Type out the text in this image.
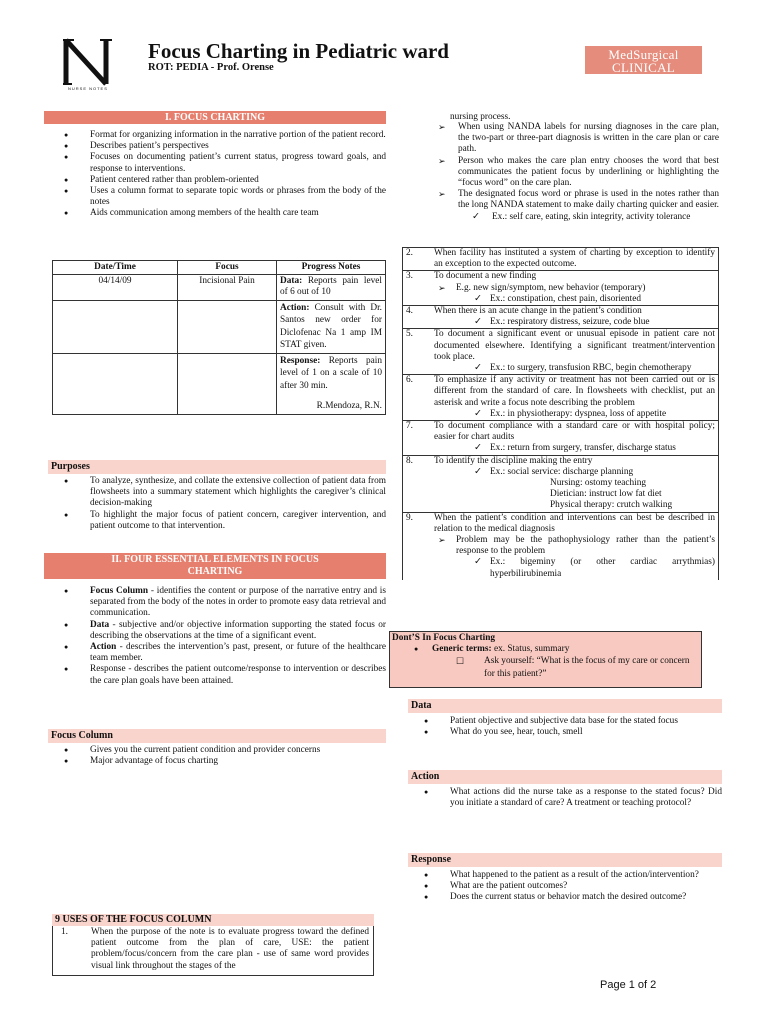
NURSE NOTES
Focus Charting in Pediatric ward
ROT: PEDIA - Prof. Orense
MedSurgical
CLINICAL
I. FOCUS CHARTING
● Format for organizing information in the narrative portion of the patient record.
● Describes patient’s perspectives
● Focuses on documenting patient’s current status, progress toward goals, and response to interventions.
● Patient centered rather than problem-oriented
● Uses a column format to separate topic words or phrases from the body of the notes
● Aids communication among members of the health care team
Date/Time	Focus	Progress Notes
04/14/09	Incisional Pain	Data: Reports pain level of 6 out of 10
		Action: Consult with Dr. Santos new order for Diclofenac Na 1 amp IM STAT given.
		Response: Reports pain level of 1 on a scale of 10 after 30 min.
R.Mendoza, R.N.
Purposes
● To analyze, synthesize, and collate the extensive collection of patient data from flowsheets into a summary statement which highlights the caregiver’s clinical decision-making
● To highlight the major focus of patient concern, caregiver intervention, and patient outcome to that intervention.
II. FOUR ESSENTIAL ELEMENTS IN FOCUS
CHARTING
● Focus Column - identifies the content or purpose of the narrative entry and is separated from the body of the notes in order to promote easy data retrieval and communication.
● Data - subjective and/or objective information supporting the stated focus or describing the observations at the time of a significant event.
● Action - describes the intervention’s past, present, or future of the healthcare team member.
● Response - describes the patient outcome/response to intervention or describes the care plan goals have been attained.
Focus Column
● Gives you the current patient condition and provider concerns
● Major advantage of focus charting
9 USES OF THE FOCUS COLUMN
1. When the purpose of the note is to evaluate progress toward the defined patient outcome from the plan of care, USE: the patient problem/focus/concern from the care plan - use of same word provides visual link throughout the stages of the
nursing process.
➢ When using NANDA labels for nursing diagnoses in the care plan, the two-part or three-part diagnosis is written in the care plan or care path.
➢ Person who makes the care plan entry chooses the word that best communicates the patient focus by underlining or highlighting the “focus word” on the care plan.
➢ The designated focus word or phrase is used in the notes rather than the long NANDA statement to make daily charting quicker and easier.
✓ Ex.: self care, eating, skin integrity, activity tolerance
2.	When facility has instituted a system of charting by exception to identify an exception to the expected outcome.
3.	To document a new finding
➢ E.g. new sign/symptom, new behavior (temporary)
✓ Ex.: constipation, chest pain, disoriented

4.	When there is an acute change in the patient’s condition
✓ Ex.: respiratory distress, seizure, code blue

5.	To document a significant event or unusual episode in patient care not documented elsewhere. Identifying a significant treatment/intervention took place.
✓ Ex.: to surgery, transfusion RBC, begin chemotherapy

6.	To emphasize if any activity or treatment has not been carried out or is different from the standard of care. In flowsheets with checklist, put an asterisk and write a focus note describing the problem
✓ Ex.: in physiotherapy: dyspnea, loss of appetite

7.	To document compliance with a standard care or with hospital policy; easier for chart audits
✓ Ex.: return from surgery, transfer, discharge status

8.	To identify the discipline making the entry
✓ Ex.: social service: discharge planning
Nursing: ostomy teaching
Dietician: instruct low fat diet
Physical therapy: crutch walking

9.	When the patient’s condition and interventions can best be described in relation to the medical diagnosis
➢ Problem may be the pathophysiology rather than the patient’s response to the problem
✓ Ex.: bigeminy (or other cardiac arrythmias) hyperbilirubinemia
Dont’S In Focus Charting
● Generic terms: ex. Status, summary
☐ Ask yourself: “What is the focus of my care or concern for this patient?”
Data
● Patient objective and subjective data base for the stated focus
● What do you see, hear, touch, smell
Action
● What actions did the nurse take as a response to the stated focus? Did you initiate a standard of care? A treatment or teaching protocol?
Response
● What happened to the patient as a result of the action/intervention?
● What are the patient outcomes?
● Does the current status or behavior match the desired outcome?
Page 1 of 2
